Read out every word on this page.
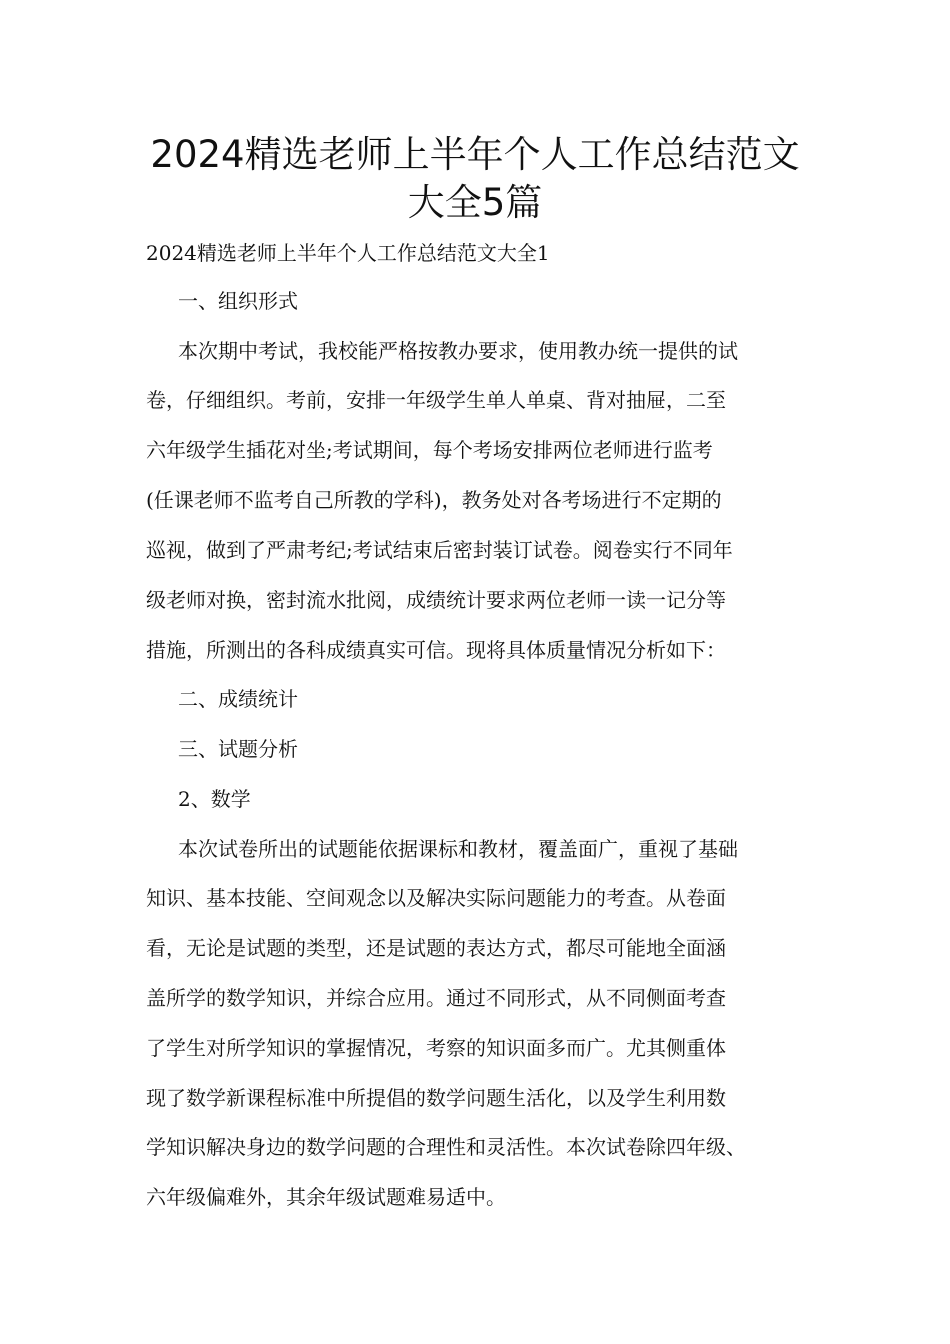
2024精选老师上半年个人工作总结范文
大全5篇

2024精选老师上半年个人工作总结范文大全1

一、组织形式

本次期中考试，我校能严格按教办要求，使用教办统一提供的试

卷，仔细组织。考前，安排一年级学生单人单桌、背对抽屉，二至

六年级学生插花对坐;考试期间，每个考场安排两位老师进行监考

(任课老师不监考自己所教的学科)，教务处对各考场进行不定期的

巡视，做到了严肃考纪;考试结束后密封装订试卷。阅卷实行不同年

级老师对换，密封流水批阅，成绩统计要求两位老师一读一记分等

措施，所测出的各科成绩真实可信。现将具体质量情况分析如下：

二、成绩统计

三、试题分析

2、数学

本次试卷所出的试题能依据课标和教材，覆盖面广，重视了基础

知识、基本技能、空间观念以及解决实际问题能力的考查。从卷面

看，无论是试题的类型，还是试题的表达方式，都尽可能地全面涵

盖所学的数学知识，并综合应用。通过不同形式，从不同侧面考查

了学生对所学知识的掌握情况，考察的知识面多而广。尤其侧重体

现了数学新课程标准中所提倡的数学问题生活化，以及学生利用数

学知识解决身边的数学问题的合理性和灵活性。本次试卷除四年级、

六年级偏难外，其余年级试题难易适中。
